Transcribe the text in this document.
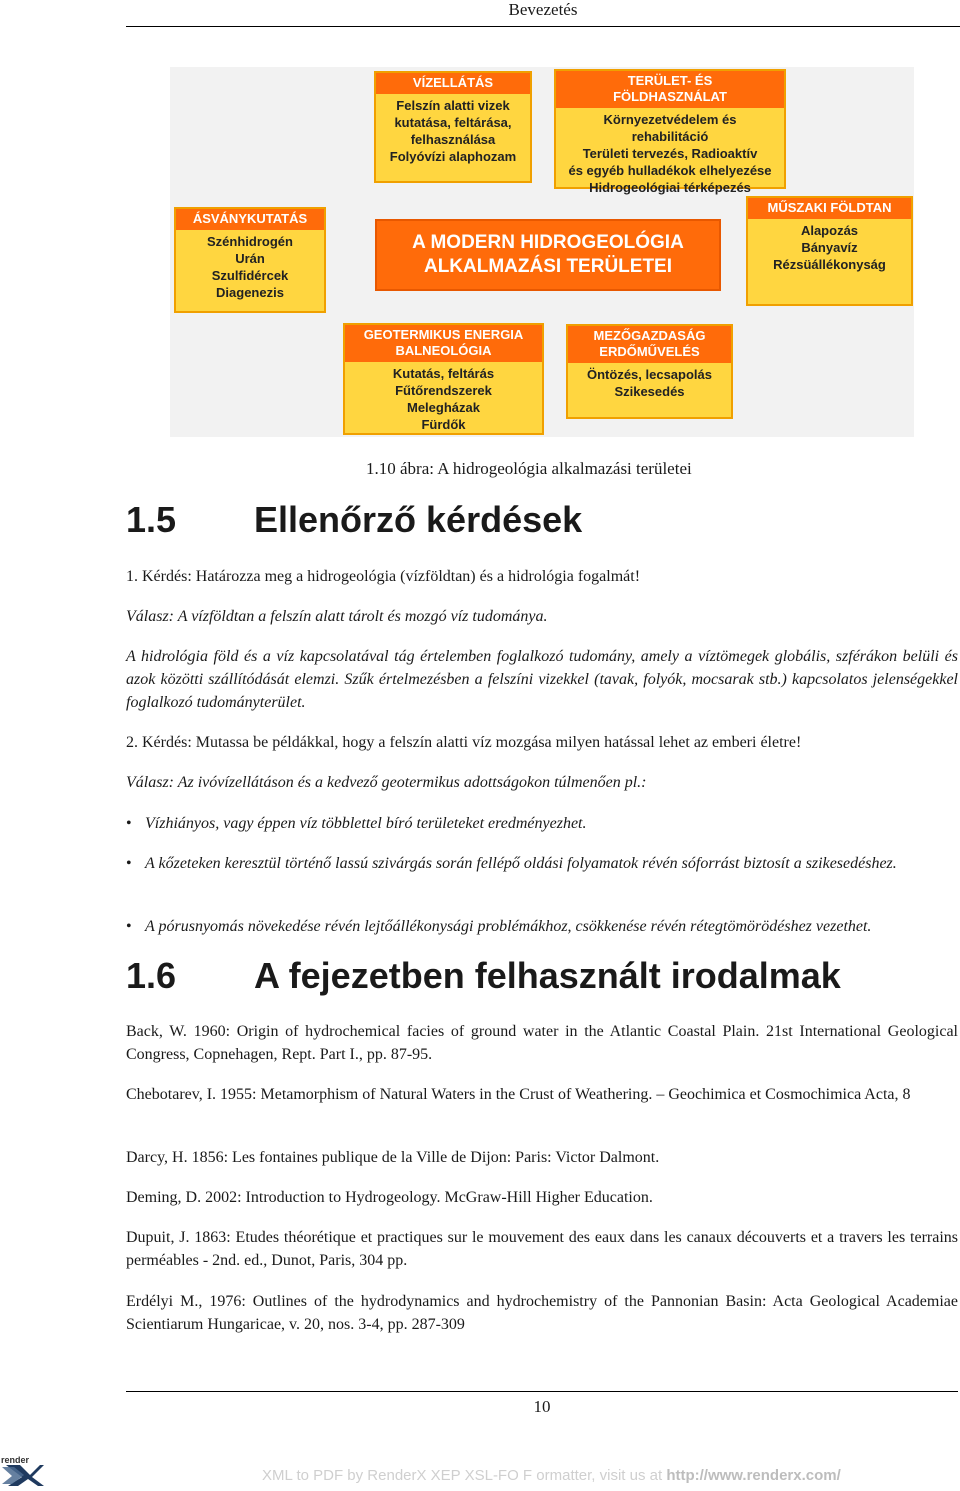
Bevezetés
VÍZELLÁTÁS
Felszín alatti vizek
kutatása, feltárása,
felhasználása
Folyóvízi alaphozam
TERÜLET- ÉS
FÖLDHASZNÁLAT
Környezetvédelem és
rehabilitáció
Területi tervezés, Radioaktív
és egyéb hulladékok elhelyezése
Hidrogeológiai térképezés
ÁSVÁNYKUTATÁS
Szénhidrogén
Urán
Szulfidércek
Diagenezis
A MODERN HIDROGEOLÓGIA
ALKALMAZÁSI TERÜLETEI
MŰSZAKI FÖLDTAN
Alapozás
Bányavíz
Rézsüállékonyság
GEOTERMIKUS ENERGIA
BALNEOLÓGIA
Kutatás, feltárás
Fűtőrendszerek
Melegházak
Fürdők
MEZŐGAZDASÁG
ERDŐMŰVELÉS
Öntözés, lecsapolás
Szikesedés
1.10 ábra: A hidrogeológia alkalmazási területei
1.5 Ellenőrző kérdések

1. Kérdés: Határozza meg a hidrogeológia (vízföldtan) és a hidrológia fogalmát!

Válasz: A vízföldtan a felszín alatt tárolt és mozgó víz tudománya.

A hidrológia föld és a víz kapcsolatával tág értelemben foglalkozó tudomány, amely a víztömegek globális, szférákon belüli és azok közötti szállítódását elemzi. Szűk értelmezésben a felszíni vizekkel (tavak, folyók, mocsarak stb.) kapcsolatos jelenségekkel foglalkozó tudományterület.

2. Kérdés: Mutassa be példákkal, hogy a felszín alatti víz mozgása milyen hatással lehet az emberi életre!

Válasz: Az ivóvízellátáson és a kedvező geotermikus adottságokon túlmenően pl.:

• Vízhiányos, vagy éppen víz többlettel bíró területeket eredményezhet.
• A kőzeteken keresztül történő lassú szivárgás során fellépő oldási folyamatok révén sóforrást biztosít a szikesedéshez.
• A pórusnyomás növekedése révén lejtőállékonysági problémákhoz, csökkenése révén rétegtömörödéshez vezethet.
1.6 A fejezetben felhasznált irodalmak
Back, W. 1960: Origin of hydrochemical facies of ground water in the Atlantic Coastal Plain. 21st International Geological Congress, Copnehagen, Rept. Part I., pp. 87-95.
Chebotarev, I. 1955: Metamorphism of Natural Waters in the Crust of Weathering. – Geochimica et Cosmochimica Acta, 8
Darcy, H. 1856: Les fontaines publique de la Ville de Dijon: Paris: Victor Dalmont.
Deming, D. 2002: Introduction to Hydrogeology. McGraw-Hill Higher Education.
Dupuit, J. 1863: Etudes théorétique et practiques sur le mouvement des eaux dans les canaux découverts et a travers les terrains perméables - 2nd. ed., Dunot, Paris, 304 pp.
Erdélyi M., 1976: Outlines of the hydrodynamics and hydrochemistry of the Pannonian Basin: Acta Geological Academiae Scientiarum Hungaricae, v. 20, nos. 3-4, pp. 287-309
10
render
XML to PDF by RenderX XEP XSL-FO F ormatter, visit us at http://www.renderx.com/
